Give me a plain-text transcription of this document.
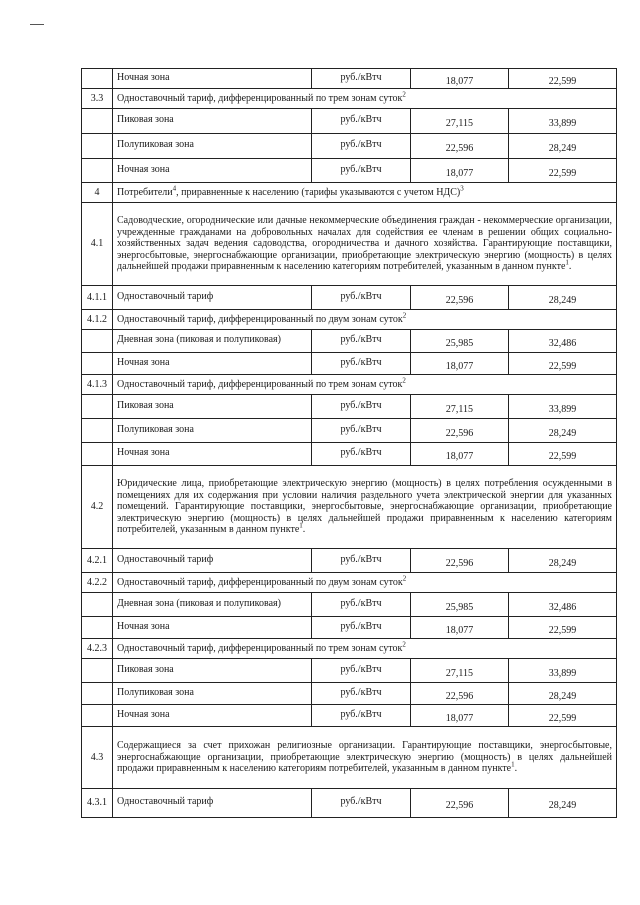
	Ночная зона	руб./кВтч	18,077	22,599
3.3	Одноставочный тариф, дифференцированный по трем зонам суток$^2$
	Пиковая зона	руб./кВтч	27,115	33,899
	Полупиковая зона	руб./кВтч	22,596	28,249
	Ночная зона	руб./кВтч	18,077	22,599
4	Потребители$^4$, приравненные к населению (тарифы указываются с учетом НДС)$^3$
4.1	Садоводческие, огороднические или дачные некоммерческие объединения граждан - некоммерческие организации, учрежденные гражданами на добровольных началах для содействия ее членам в решении общих социально-хозяйственных задач ведения садоводства, огородничества и дачного хозяйства. Гарантирующие поставщики, энергосбытовые, энергоснабжающие организации, приобретающие электрическую энергию (мощность) в целях дальнейшей продажи приравненным к населению категориям потребителей, указанным в данном пункте$^1$.			
4.1.1	Одноставочный тариф	руб./кВтч	22,596	28,249
4.1.2	Одноставочный тариф, дифференцированный по двум зонам суток$^2$
	Дневная зона (пиковая и полупиковая)	руб./кВтч	25,985	32,486
	Ночная зона	руб./кВтч	18,077	22,599
4.1.3	Одноставочный тариф, дифференцированный по трем зонам суток$^2$
	Пиковая зона	руб./кВтч	27,115	33,899
	Полупиковая зона	руб./кВтч	22,596	28,249
	Ночная зона	руб./кВтч	18,077	22,599
4.2	Юридические лица, приобретающие электрическую энергию (мощность) в целях потребления осужденными в помещениях для их содержания при условии наличия раздельного учета электрической энергии для указанных помещений. Гарантирующие поставщики, энергосбытовые, энергоснабжающие организации, приобретающие электрическую энергию (мощность) в целях дальнейшей продажи приравненным к населению категориям потребителей, указанным в данном пункте$^1$.			
4.2.1	Одноставочный тариф	руб./кВтч	22,596	28,249
4.2.2	Одноставочный тариф, дифференцированный по двум зонам суток$^2$
	Дневная зона (пиковая и полупиковая)	руб./кВтч	25,985	32,486
	Ночная зона	руб./кВтч	18,077	22,599
4.2.3	Одноставочный тариф, дифференцированный по трем зонам суток$^2$
	Пиковая зона	руб./кВтч	27,115	33,899
	Полупиковая зона	руб./кВтч	22,596	28,249
	Ночная зона	руб./кВтч	18,077	22,599
4.3	Содержащиеся за счет прихожан религиозные организации. Гарантирующие поставщики, энергосбытовые, энергоснабжающие организации, приобретающие электрическую энергию (мощность) в целях дальнейшей продажи приравненным к населению категориям потребителей, указанным в данном пункте$^1$.			
4.3.1	Одноставочный тариф	руб./кВтч	22,596	28,249
